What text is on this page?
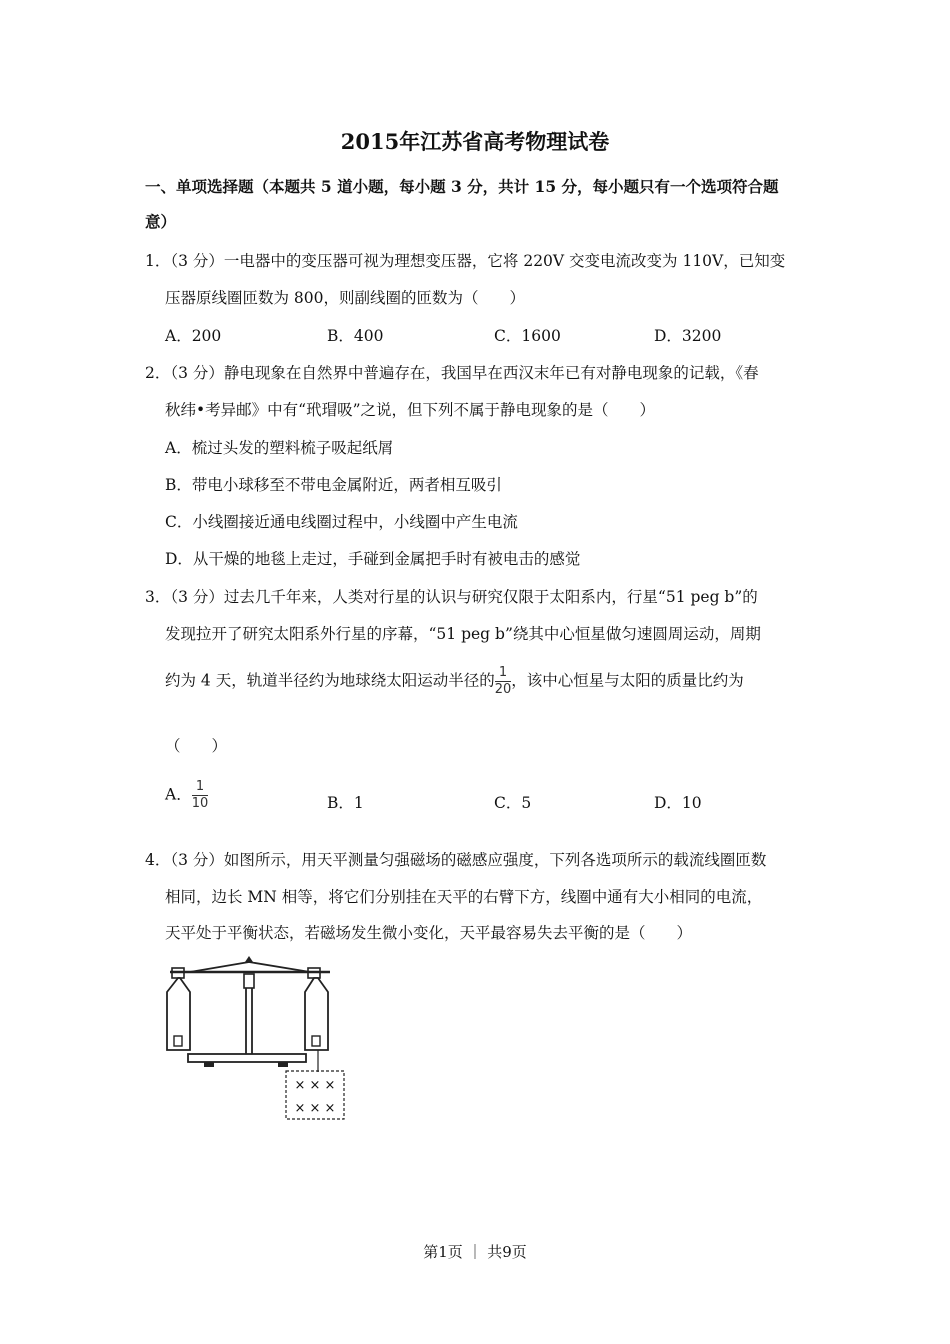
2015年江苏省高考物理试卷
一、单项选择题（本题共 5 道小题，每小题 3 分，共计 15 分，每小题只有一个选项符合题
意）
1．（3 分）一电器中的变压器可视为理想变压器，它将 220V 交变电流改变为 110V，已知变
压器原线圈匝数为 800，则副线圈的匝数为（　　）
A．200	B．400	C．1600	D．3200
2．（3 分）静电现象在自然界中普遍存在，我国早在西汉末年已有对静电现象的记载，《春
秋纬•考异邮》中有“玳瑁吸”之说，但下列不属于静电现象的是（　　）
A．梳过头发的塑料梳子吸起纸屑
B．带电小球移至不带电金属附近，两者相互吸引
C．小线圈接近通电线圈过程中，小线圈中产生电流
D．从干燥的地毯上走过，手碰到金属把手时有被电击的感觉
3．（3 分）过去几千年来，人类对行星的认识与研究仅限于太阳系内，行星“51 peg b”的
发现拉开了研究太阳系外行星的序幕，“51 peg b”绕其中心恒星做匀速圆周运动，周期
约为 4 天，轨道半径约为地球绕太阳运动半径的 $\frac{1}{20}$ ，该中心恒星与太阳的质量比约为
（　　）
A． $\frac{1}{10}$	B．1	C．5	D．10
4．（3 分）如图所示，用天平测量匀强磁场的磁感应强度，下列各选项所示的载流线圈匝数
相同，边长 MN 相等，将它们分别挂在天平的右臂下方，线圈中通有大小相同的电流，
天平处于平衡状态，若磁场发生微小变化，天平最容易失去平衡的是（　　）
× × ×
× × ×
第1页 ｜ 共9页
